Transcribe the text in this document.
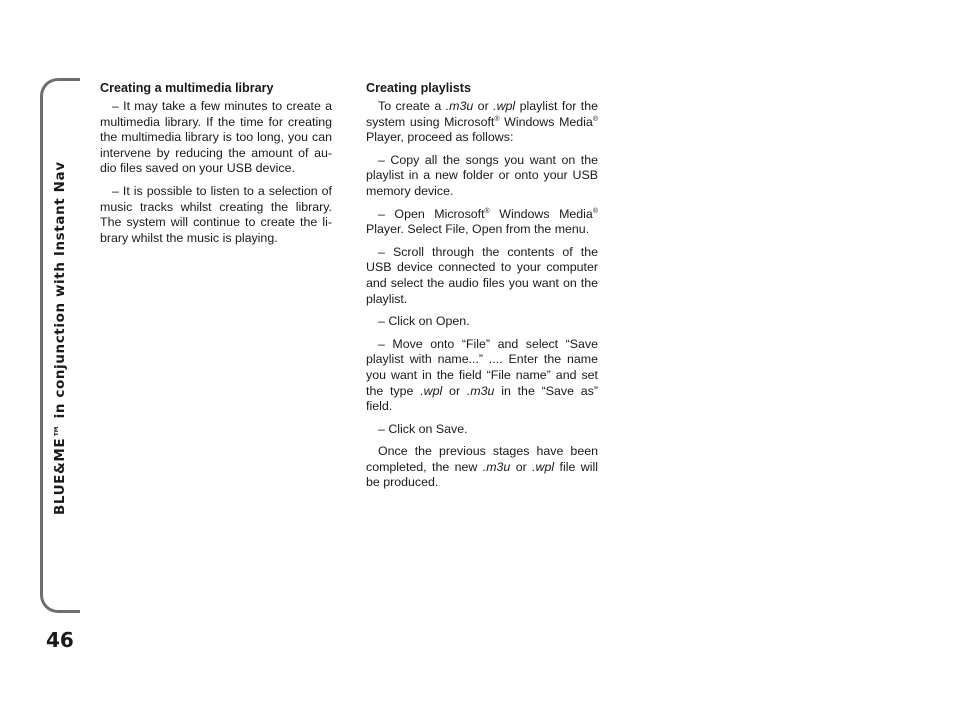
BLUE&ME™ in conjunction with Instant Nav
46
Creating a multimedia library

– It may take a few minutes to create a multimedia library. If the time for creating the multimedia library is too long, you can intervene by reducing the amount of au-dio files saved on your USB device.

– It is possible to listen to a selection of music tracks whilst creating the library. The system will continue to create the li-brary whilst the music is playing.

Creating playlists

To create a .m3u or .wpl playlist for the system using Microsoft® Windows Media® Player, proceed as follows:

– Copy all the songs you want on the playlist in a new folder or onto your USB memory device.

– Open Microsoft® Windows Media® Player. Select File, Open from the menu.

– Scroll through the contents of the USB device connected to your computer and select the audio files you want on the playlist.

– Click on Open.

– Move onto “File” and select “Save playlist with name...” .... Enter the name you want in the field “File name” and set the type .wpl or .m3u in the “Save as” field.

– Click on Save.

Once the previous stages have been completed, the new .m3u or .wpl file will be produced.
